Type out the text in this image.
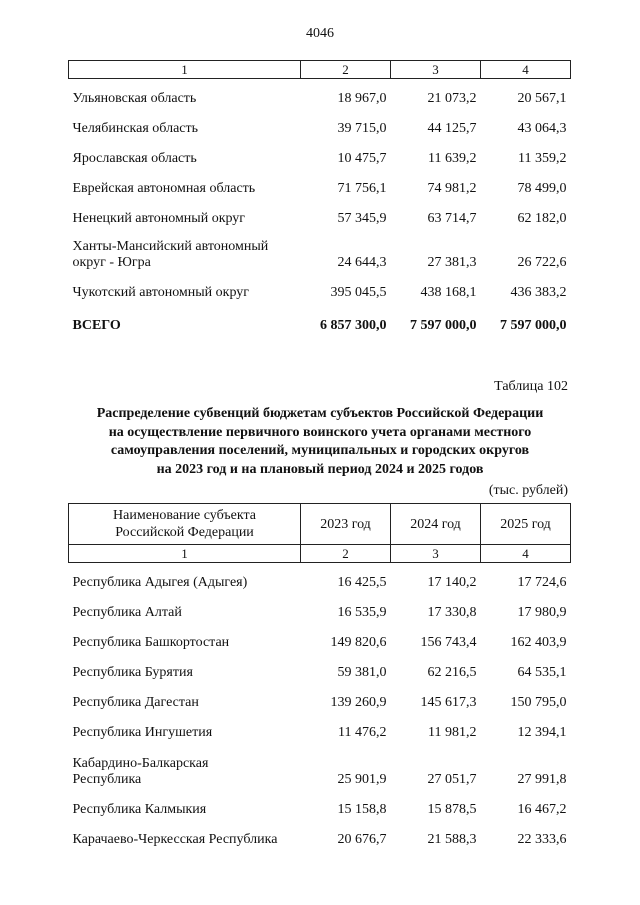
4046
1	2	3	4
Ульяновская область	18 967,0	21 073,2	20 567,1
Челябинская область	39 715,0	44 125,7	43 064,3
Ярославская область	10 475,7	11 639,2	11 359,2
Еврейская автономная область	71 756,1	74 981,2	78 499,0
Ненецкий автономный округ	57 345,9	63 714,7	62 182,0
Ханты-Мансийский автономный
округ - Югра	24 644,3	27 381,3	26 722,6
Чукотский автономный округ	395 045,5	438 168,1	436 383,2
ВСЕГО	6 857 300,0	7 597 000,0	7 597 000,0
Таблица 102
Распределение субвенций бюджетам субъектов Российской Федерации
на осуществление первичного воинского учета органами местного
самоуправления поселений, муниципальных и городских округов
на 2023 год и на плановый период 2024 и 2025 годов
(тыс. рублей)
Наименование субъекта
Российской Федерации	2023 год	2024 год	2025 год
1	2	3	4
Республика Адыгея (Адыгея)	16 425,5	17 140,2	17 724,6
Республика Алтай	16 535,9	17 330,8	17 980,9
Республика Башкортостан	149 820,6	156 743,4	162 403,9
Республика Бурятия	59 381,0	62 216,5	64 535,1
Республика Дагестан	139 260,9	145 617,3	150 795,0
Республика Ингушетия	11 476,2	11 981,2	12 394,1
Кабардино-Балкарская
Республика	25 901,9	27 051,7	27 991,8
Республика Калмыкия	15 158,8	15 878,5	16 467,2
Карачаево-Черкесская Республика	20 676,7	21 588,3	22 333,6
